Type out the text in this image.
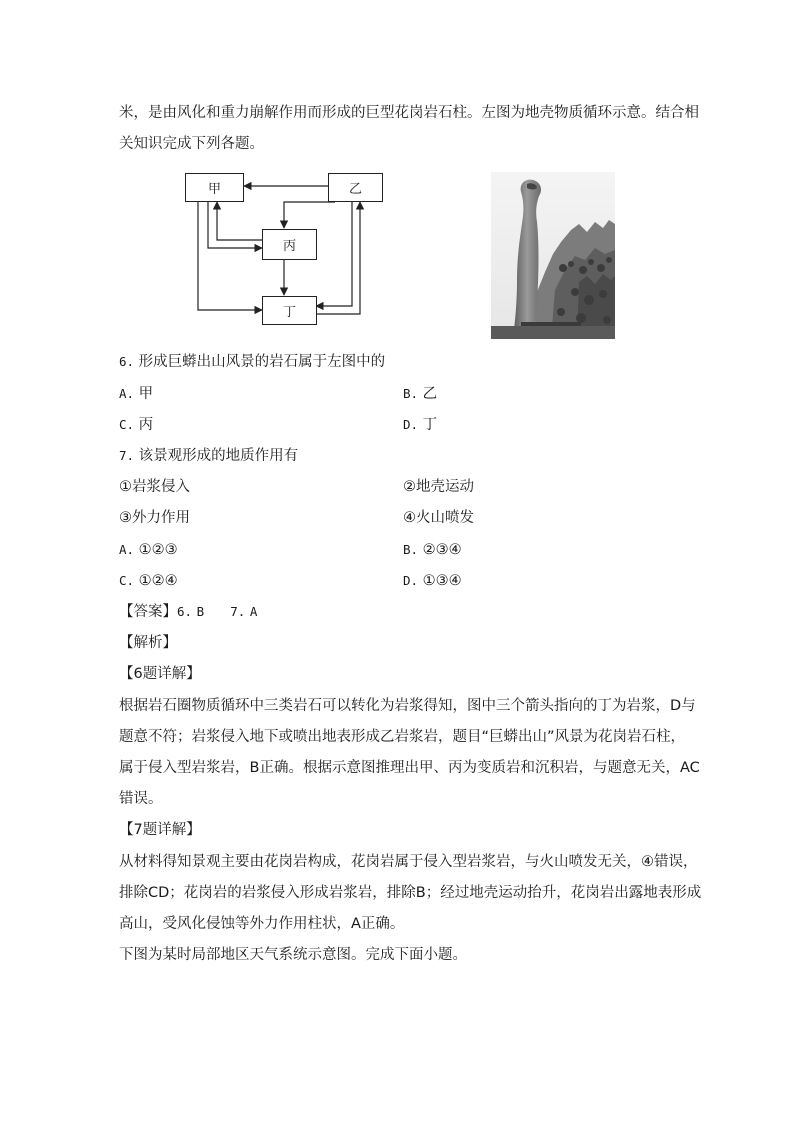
米，是由风化和重力崩解作用而形成的巨型花岗岩石柱。左图为地壳物质循环示意。结合相
关知识完成下列各题。
甲	乙
丙
丁
6. 形成巨蟒出山风景的岩石属于左图中的
A. 甲	B. 乙
C. 丙	D. 丁
7. 该景观形成的地质作用有
①岩浆侵入	②地壳运动
③外力作用	④火山喷发
A. ①②③	B. ②③④
C. ①②④	D. ①③④
【答案】6. B 7. A
【解析】
【6题详解】
根据岩石圈物质循环中三类岩石可以转化为岩浆得知，图中三个箭头指向的丁为岩浆，D与
题意不符；岩浆侵入地下或喷出地表形成乙岩浆岩，题目“巨蟒出山”风景为花岗岩石柱，
属于侵入型岩浆岩，B正确。根据示意图推理出甲、丙为变质岩和沉积岩，与题意无关，AC
错误。
【7题详解】
从材料得知景观主要由花岗岩构成，花岗岩属于侵入型岩浆岩，与火山喷发无关，④错误，
排除CD；花岗岩的岩浆侵入形成岩浆岩，排除B；经过地壳运动抬升，花岗岩出露地表形成
高山，受风化侵蚀等外力作用柱状，A正确。
下图为某时局部地区天气系统示意图。完成下面小题。
